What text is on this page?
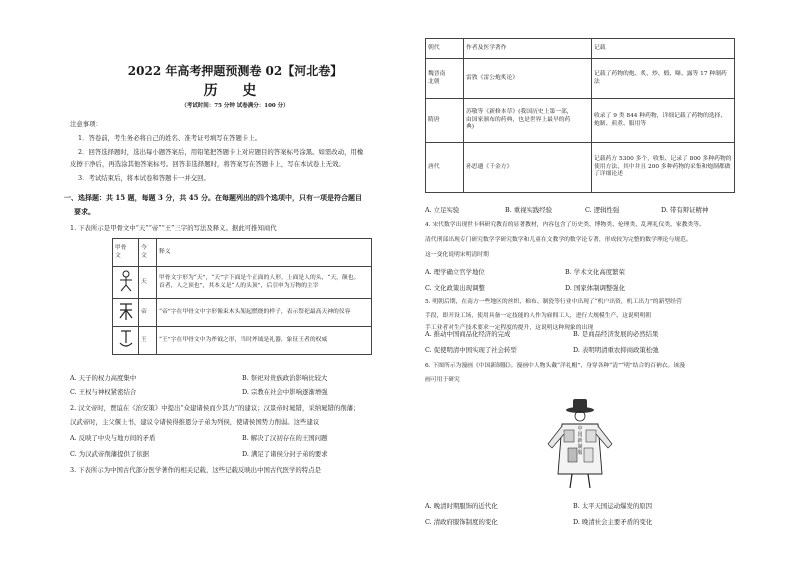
2022 年高考押题预测卷 02【河北卷】
历 史
（考试时间：75 分钟 试卷满分：100 分）
注意事项：
1．答卷前，考生务必将自己的姓名、准考证号填写在答题卡上。
2．回答选择题时，选出每小题答案后，用铅笔把答题卡上对应题目的答案标号涂黑。如需改动，用橡
皮擦干净后，再选涂其他答案标号。回答非选择题时，将答案写在答题卡上，写在本试卷上无效。
3．考试结束后，将本试卷和答题卡一并交回。
一、选择题：共 15 题，每题 3 分，共 45 分。在每题列出的四个选项中，只有一项是符合题目
要求。
1. 下表所示是甲骨文中“天”“帝”“王”三字的写法及释义。据此可推知商代
甲骨
文	今
文	释义
	天	甲骨文字形为“天”，“天”字下面是个正面的人形，上面是人的头，“天，颠也。
首者，人之顶也”，其本义是“人的头顶”，后引申为万物的主宰
	帝	“帝”字在甲骨文中字形像束木头架起燃烧的样子，表示祭祀最高天神的仪容
	王	“王”字在甲骨文中为斧钺之形，当时斧钺是礼器，象征王者的权威
A. 天子的权力高度集中	B. 祭祀对贵族政治影响比较大
C. 王权与神权紧密结合	D. 宗教在社会中影响逐渐增强
2. 汉文帝时，贾谊在《治安策》中提出“众建诸侯而少其力”的建议；汉景帝时晁错，采纳晁错的削藩；
汉武帝时，主父偃上书，建议令诸侯得推恩分子弟为列侯，使诸侯国势力削弱。这些建议
A. 反映了中央与地方间的矛盾	B. 解决了汉初存在的王国问题
C. 为汉武帝削藩提供了依据	D. 满足了诸侯分封子弟的要求
3. 下表所示为中国古代部分医学著作的相关记载，这些记载反映出中国古代医学的特点是
朝代	作者及医学著作	记载
魏晋南
北朝	雷敩《雷公炮炙论》	记载了药物的炮、炙、炒、煅、曝、露等 17 种制药
法
隋唐	苏敬等《新修本草》(我国历史上第一部，
由国家颁布的药典，也是世界上最早的药
典)	收录了 9 类 844 种药物，详细记载了药物的选择、
炮制、煎煮、服用等
唐代	孙思邈《千金方》	记载药方 5300 多个，收集、记录了 800 多种药物的
使用方法，其中并且 200 多种药物的采集和炮制都做
了详细论述
A. 立足实验	B. 重视实践经验	C. 逻辑性强	D. 带有辩证精神
4. 宋代数学出现世卡料研究教育的显著教材，内容包含了历史类、博物类、伦理类、乱理礼仪类、家教类等。
清代刑部出现专门研究数学学研究数学和儿童在文教学的数学论专著，形成较为完整的数学理论与规范。
这一变化说明宋明清时期
A. 理学确立官学地位	B. 学术文化高度繁荣
C. 文化政策出现调整	D. 国家体制调整强化
5. 明朝后期，在南方一些地区的丝织、棉布、制瓷等行业中出现了“机户出资，机工出力”的新型经营
手段，即开设工场，使用具备一定技能的人作为雇佣工人，进行大规模生产。这说明明朝
手工业者对生产技术要求一定程度的提升，这说明这种现象的出现
A. 推动中国商品化经济的完成	B. 是商品经济发展的必然结果
C. 促使明清中国实现了社会转型	D. 表明明清重农抑商政策松弛
6. 下图所示为漫画《中国新制服》。漫画中人物头戴“洋礼帽”，身穿各种“清”“明”结合的百衲衣。该漫
画可用于研究
中
国
新
制
服
A. 晚清时期服饰的近代化	B. 太平天国运动爆发的原因
C. 清政府服饰制度的变化	D. 晚清社会主要矛盾的变化
